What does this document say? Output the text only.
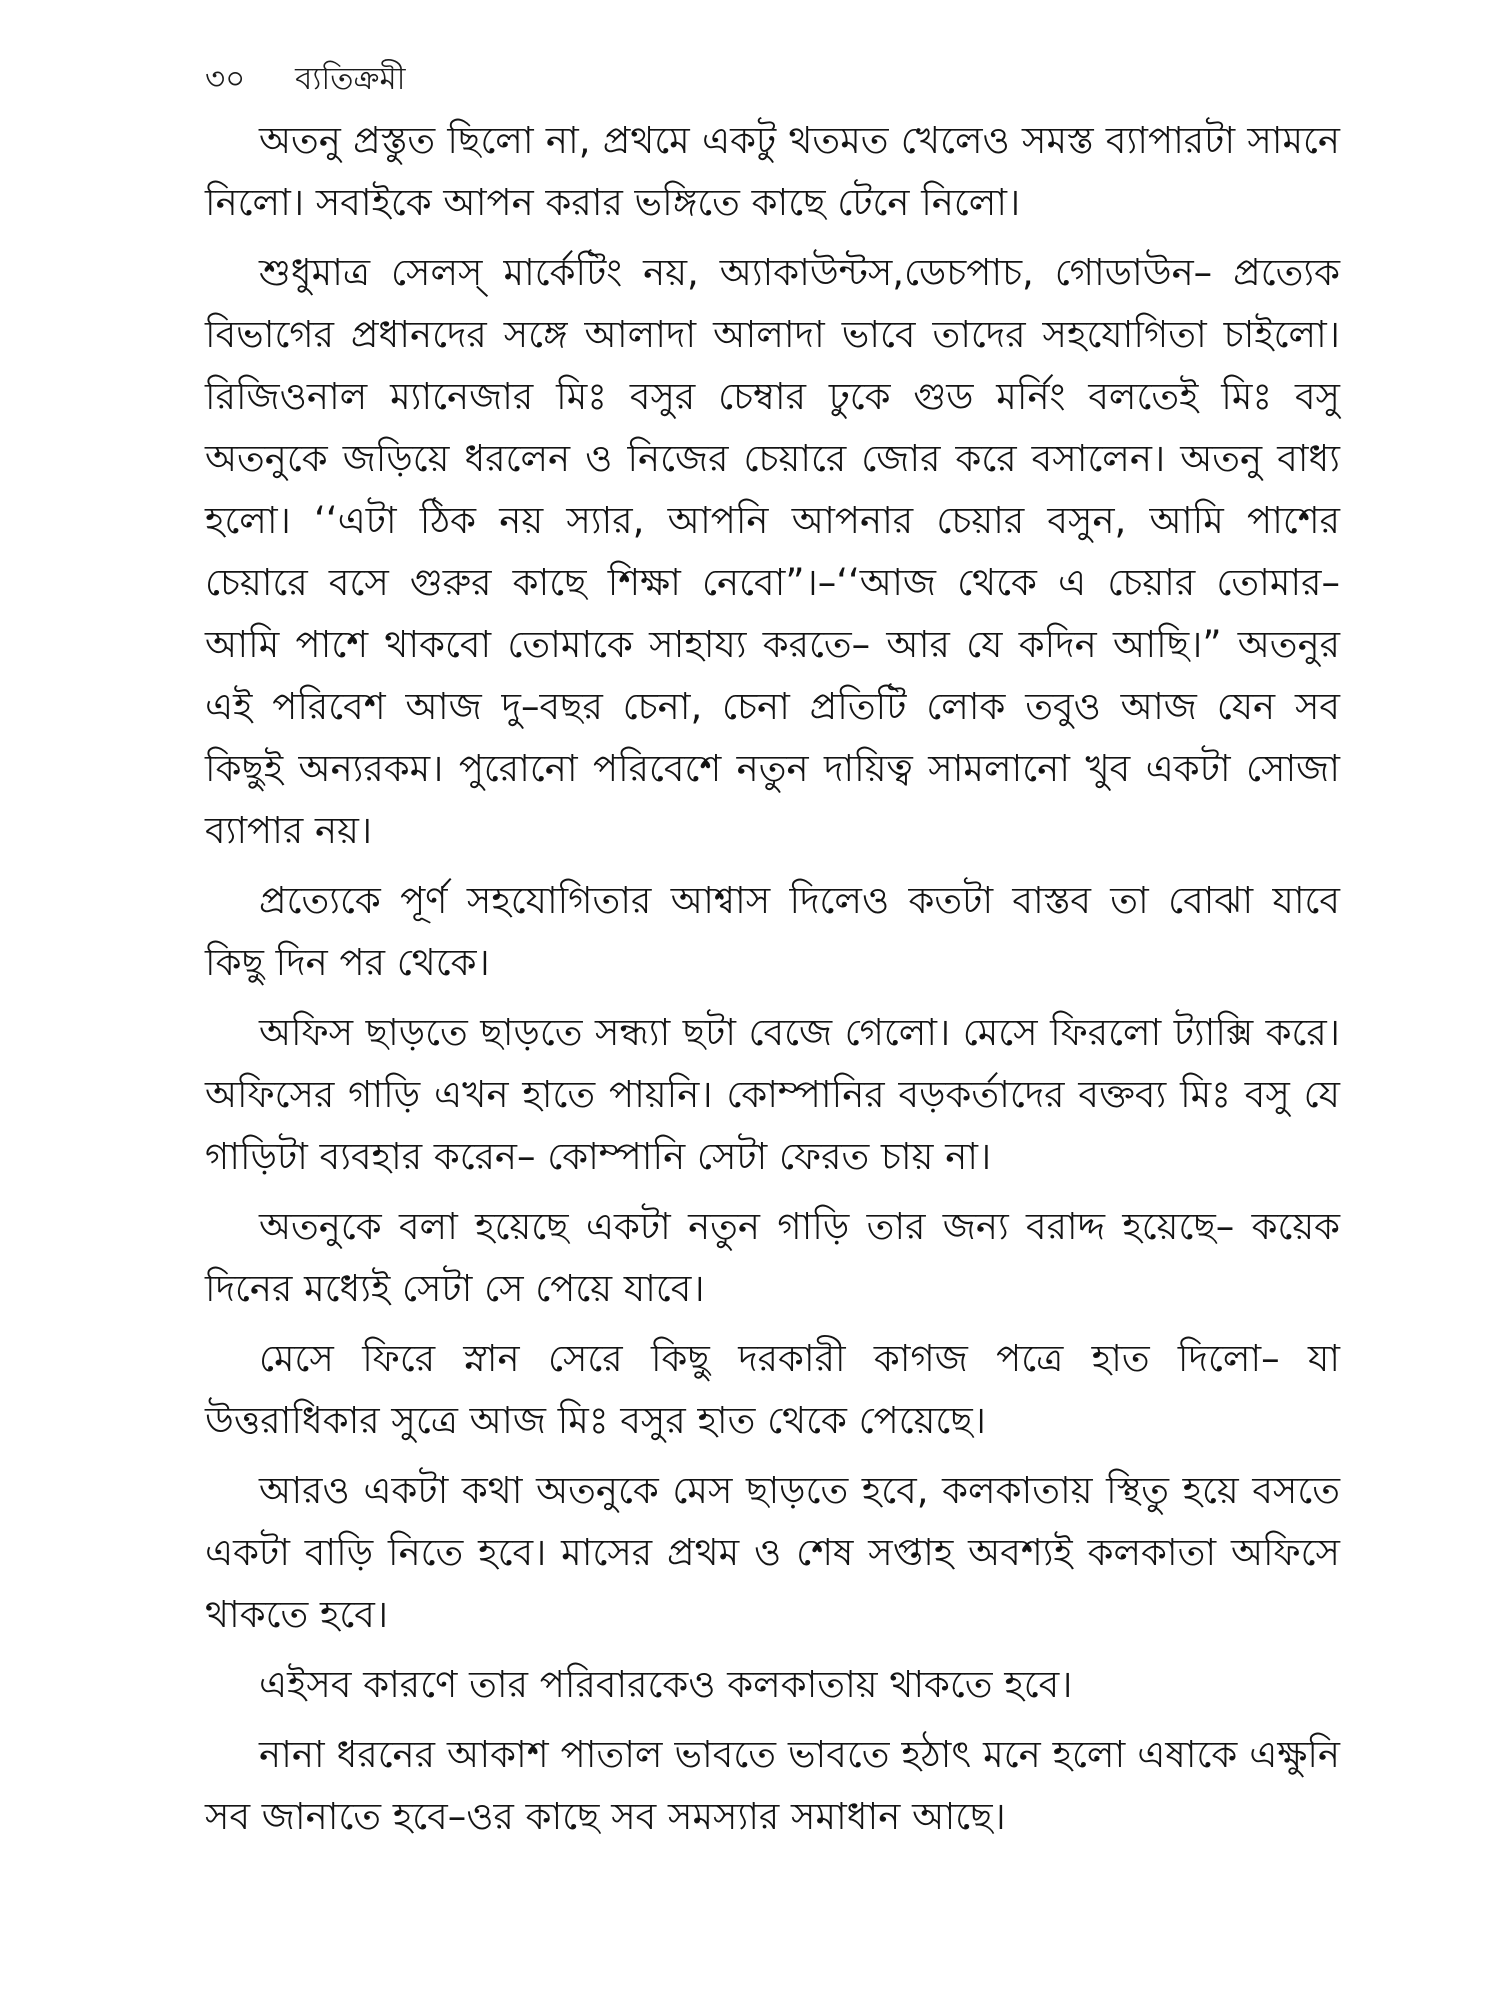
৩০ ব্যতিক্রমী

অতনু প্রস্তুত ছিলো না, প্রথমে একটু থতমত খেলেও সমস্ত ব্যাপারটা সামনে নিলো। সবাইকে আপন করার ভঙ্গিতে কাছে টেনে নিলো।

শুধুমাত্র সেলস্ মার্কেটিং নয়, অ্যাকাউন্টস,ডেচপাচ, গোডাউন– প্রত্যেক বিভাগের প্রধানদের সঙ্গে আলাদা আলাদা ভাবে তাদের সহযোগিতা চাইলো। রিজিওনাল ম্যানেজার মিঃ বসুর চেম্বার ঢুকে গুড মর্নিং বলতেই মিঃ বসু অতনুকে জড়িয়ে ধরলেন ও নিজের চেয়ারে জোর করে বসালেন। অতনু বাধ্য হলো। ‘‘এটা ঠিক নয় স্যার, আপনি আপনার চেয়ার বসুন, আমি পাশের চেয়ারে বসে গুরুর কাছে শিক্ষা নেবো”।–‘‘আজ থেকে এ চেয়ার তোমার– আমি পাশে থাকবো তোমাকে সাহায্য করতে– আর যে কদিন আছি।” অতনুর এই পরিবেশ আজ দু–বছর চেনা, চেনা প্রতিটি লোক তবুও আজ যেন সব কিছুই অন্যরকম। পুরোনো পরিবেশে নতুন দায়িত্ব সামলানো খুব একটা সোজা ব্যাপার নয়।

প্রত্যেকে পূর্ণ সহযোগিতার আশ্বাস দিলেও কতটা বাস্তব তা বোঝা যাবে কিছু দিন পর থেকে।

অফিস ছাড়তে ছাড়তে সন্ধ্যা ছটা বেজে গেলো। মেসে ফিরলো ট্যাক্সি করে। অফিসের গাড়ি এখন হাতে পায়নি। কোম্পানির বড়কর্তাদের বক্তব্য মিঃ বসু যে গাড়িটা ব্যবহার করেন– কোম্পানি সেটা ফেরত চায় না।

অতনুকে বলা হয়েছে একটা নতুন গাড়ি তার জন্য বরাদ্দ হয়েছে– কয়েক দিনের মধ্যেই সেটা সে পেয়ে যাবে।

মেসে ফিরে স্নান সেরে কিছু দরকারী কাগজ পত্রে হাত দিলো– যা উত্তরাধিকার সুত্রে আজ মিঃ বসুর হাত থেকে পেয়েছে।

আরও একটা কথা অতনুকে মেস ছাড়তে হবে, কলকাতায় স্থিতু হয়ে বসতে একটা বাড়ি নিতে হবে। মাসের প্রথম ও শেষ সপ্তাহ অবশ্যই কলকাতা অফিসে থাকতে হবে।

এইসব কারণে তার পরিবারকেও কলকাতায় থাকতে হবে।

নানা ধরনের আকাশ পাতাল ভাবতে ভাবতে হঠাৎ মনে হলো এষাকে এক্ষুনি সব জানাতে হবে–ওর কাছে সব সমস্যার সমাধান আছে।
